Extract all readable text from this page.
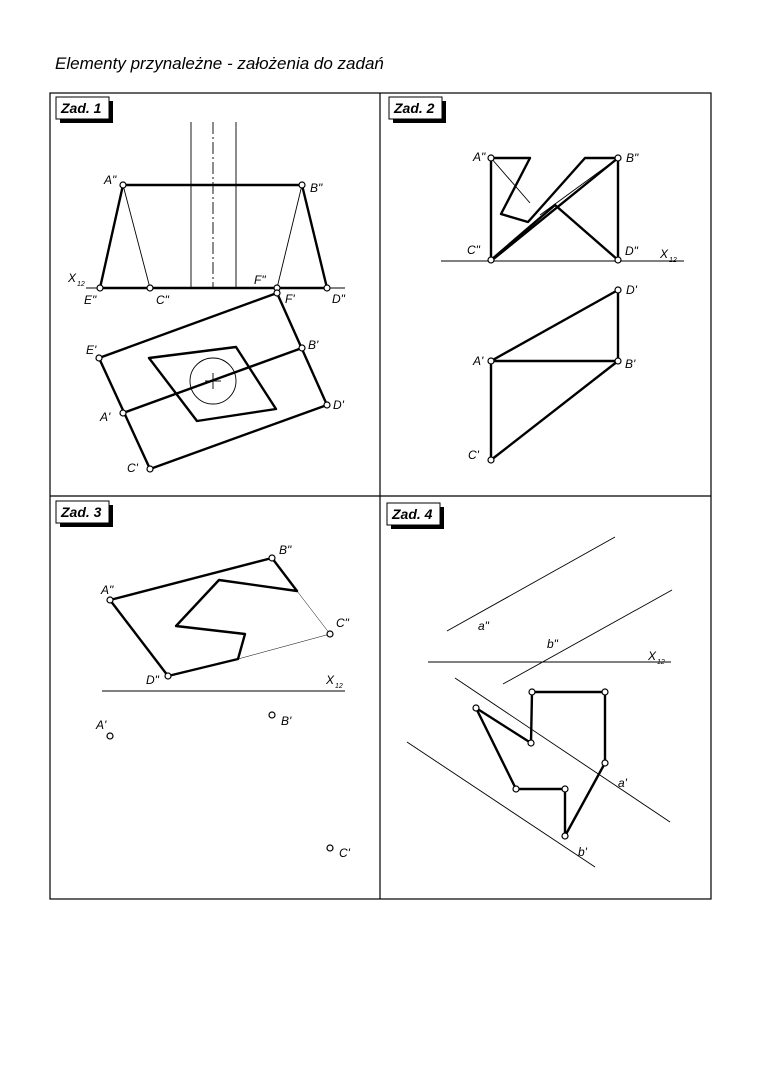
Elementy przynależne - założenia do zadań
Zad. 1	Zad. 2
Zad. 3	Zad. 4
A"
B"
X 12
E"	C"
F"
F'	D"
E'	B'
A'
D'
C'
A"	B"
C"	D" X 12
D'
A'	B'
C'
A"
B"
C"
D"	X 12
A'	B'
C'
a"
b"
X 12
a'
b'
